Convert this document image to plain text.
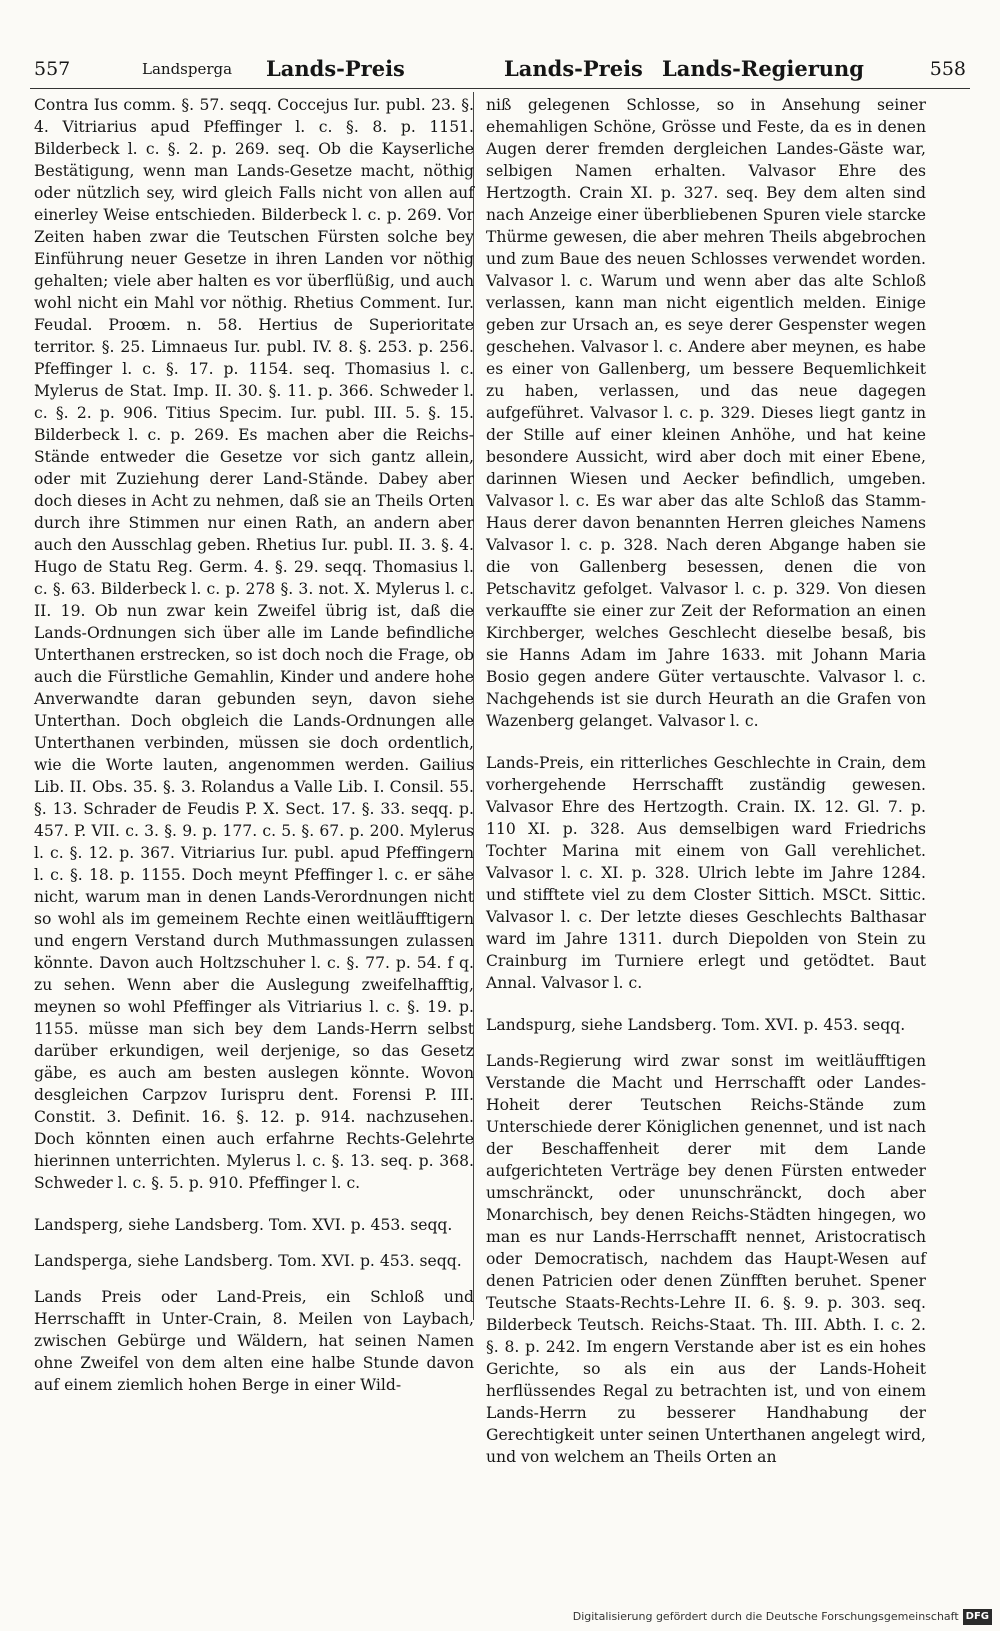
557	Landsperga Lands-Preis	Lands-Preis Lands-Regierung	558

Contra Ius comm. §. 57. seqq. Coccejus Iur. publ. 23. §. 4. Vitriarius apud Pfeffinger l. c. §. 8. p. 1151. Bilderbeck l. c. §. 2. p. 269. seq. Ob die Kayserliche Bestätigung, wenn man Lands-Gesetze macht, nöthig oder nützlich sey, wird gleich Falls nicht von allen auf einerley Weise entschieden. Bilderbeck l. c. p. 269. Vor Zeiten haben zwar die Teutschen Fürsten solche bey Einführung neuer Gesetze in ihren Landen vor nöthig gehalten; viele aber halten es vor überflüßig, und auch wohl nicht ein Mahl vor nöthig. Rhetius Comment. Iur. Feudal. Proœm. n. 58. Hertius de Superioritate territor. §. 25. Limnaeus Iur. publ. IV. 8. §. 253. p. 256. Pfeffinger l. c. §. 17. p. 1154. seq. Thomasius l. c. Mylerus de Stat. Imp. II. 30. §. 11. p. 366. Schweder l. c. §. 2. p. 906. Titius Specim. Iur. publ. III. 5. §. 15. Bilderbeck l. c. p. 269. Es machen aber die Reichs-Stände entweder die Gesetze vor sich gantz allein, oder mit Zuziehung derer Land-Stände. Dabey aber doch dieses in Acht zu nehmen, daß sie an Theils Orten durch ihre Stimmen nur einen Rath, an andern aber auch den Ausschlag geben. Rhetius Iur. publ. II. 3. §. 4. Hugo de Statu Reg. Germ. 4. §. 29. seqq. Thomasius l. c. §. 63. Bilderbeck l. c. p. 278 §. 3. not. X. Mylerus l. c. II. 19. Ob nun zwar kein Zweifel übrig ist, daß die Lands-Ordnungen sich über alle im Lande befindliche Unterthanen erstrecken, so ist doch noch die Frage, ob auch die Fürstliche Gemahlin, Kinder und andere hohe Anverwandte daran gebunden seyn, davon siehe Unterthan. Doch obgleich die Lands-Ordnungen alle Unterthanen verbinden, müssen sie doch ordentlich, wie die Worte lauten, angenommen werden. Gailius Lib. II. Obs. 35. §. 3. Rolandus a Valle Lib. I. Consil. 55. §. 13. Schrader de Feudis P. X. Sect. 17. §. 33. seqq. p. 457. P. VII. c. 3. §. 9. p. 177. c. 5. §. 67. p. 200. Mylerus l. c. §. 12. p. 367. Vitriarius Iur. publ. apud Pfeffingern l. c. §. 18. p. 1155. Doch meynt Pfeffinger l. c. er sähe nicht, warum man in denen Lands-Verordnungen nicht so wohl als im gemeinem Rechte einen weitläufftigern und engern Verstand durch Muthmassungen zulassen könnte. Davon auch Holtzschuher l. c. §. 77. p. 54. f q. zu sehen. Wenn aber die Auslegung zweifelhafftig, meynen so wohl Pfeffinger als Vitriarius l. c. §. 19. p. 1155. müsse man sich bey dem Lands-Herrn selbst darüber erkundigen, weil derjenige, so das Gesetz gäbe, es auch am besten auslegen könnte. Wovon desgleichen Carpzov Iurispru dent. Forensi P. III. Constit. 3. Definit. 16. §. 12. p. 914. nachzusehen. Doch könnten einen auch erfahrne Rechts-Gelehrte hierinnen unterrichten. Mylerus l. c. §. 13. seq. p. 368. Schweder l. c. §. 5. p. 910. Pfeffinger l. c.

Landsperg, siehe Landsberg. Tom. XVI. p. 453. seqq.

Landsperga, siehe Landsberg. Tom. XVI. p. 453. seqq.

Lands Preis oder Land-Preis, ein Schloß und Herrschafft in Unter-Crain, 8. Meilen von Laybach, zwischen Gebürge und Wäldern, hat seinen Namen ohne Zweifel von dem alten eine halbe Stunde davon auf einem ziemlich hohen Berge in einer Wild-

niß gelegenen Schlosse, so in Ansehung seiner ehemahligen Schöne, Grösse und Feste, da es in denen Augen derer fremden dergleichen Landes-Gäste war, selbigen Namen erhalten. Valvasor Ehre des Hertzogth. Crain XI. p. 327. seq. Bey dem alten sind nach Anzeige einer überbliebenen Spuren viele starcke Thürme gewesen, die aber mehren Theils abgebrochen und zum Baue des neuen Schlosses verwendet worden. Valvasor l. c. Warum und wenn aber das alte Schloß verlassen, kann man nicht eigentlich melden. Einige geben zur Ursach an, es seye derer Gespenster wegen geschehen. Valvasor l. c. Andere aber meynen, es habe es einer von Gallenberg, um bessere Bequemlichkeit zu haben, verlassen, und das neue dagegen aufgeführet. Valvasor l. c. p. 329. Dieses liegt gantz in der Stille auf einer kleinen Anhöhe, und hat keine besondere Aussicht, wird aber doch mit einer Ebene, darinnen Wiesen und Aecker befindlich, umgeben. Valvasor l. c. Es war aber das alte Schloß das Stamm-Haus derer davon benannten Herren gleiches Namens Valvasor l. c. p. 328. Nach deren Abgange haben sie die von Gallenberg besessen, denen die von Petschavitz gefolget. Valvasor l. c. p. 329. Von diesen verkauffte sie einer zur Zeit der Reformation an einen Kirchberger, welches Geschlecht dieselbe besaß, bis sie Hanns Adam im Jahre 1633. mit Johann Maria Bosio gegen andere Güter vertauschte. Valvasor l. c. Nachgehends ist sie durch Heurath an die Grafen von Wazenberg gelanget. Valvasor l. c.

Lands-Preis, ein ritterliches Geschlechte in Crain, dem vorhergehende Herrschafft zuständig gewesen. Valvasor Ehre des Hertzogth. Crain. IX. 12. Gl. 7. p. 110 XI. p. 328. Aus demselbigen ward Friedrichs Tochter Marina mit einem von Gall verehlichet. Valvasor l. c. XI. p. 328. Ulrich lebte im Jahre 1284. und stifftete viel zu dem Closter Sittich. MSCt. Sittic. Valvasor l. c. Der letzte dieses Geschlechts Balthasar ward im Jahre 1311. durch Diepolden von Stein zu Crainburg im Turniere erlegt und getödtet. Baut Annal. Valvasor l. c.

Landspurg, siehe Landsberg. Tom. XVI. p. 453. seqq.

Lands-Regierung wird zwar sonst im weitläufftigen Verstande die Macht und Herrschafft oder Landes-Hoheit derer Teutschen Reichs-Stände zum Unterschiede derer Königlichen genennet, und ist nach der Beschaffenheit derer mit dem Lande aufgerichteten Verträge bey denen Fürsten entweder umschränckt, oder ununschränckt, doch aber Monarchisch, bey denen Reichs-Städten hingegen, wo man es nur Lands-Herrschafft nennet, Aristocratisch oder Democratisch, nachdem das Haupt-Wesen auf denen Patricien oder denen Zünfften beruhet. Spener Teutsche Staats-Rechts-Lehre II. 6. §. 9. p. 303. seq. Bilderbeck Teutsch. Reichs-Staat. Th. III. Abth. I. c. 2. §. 8. p. 242. Im engern Verstande aber ist es ein hohes Gerichte, so als ein aus der Lands-Hoheit herflüssendes Regal zu betrachten ist, und von einem Lands-Herrn zu besserer Handhabung der Gerechtigkeit unter seinen Unterthanen angelegt wird, und von welchem an Theils Orten an

Digitalisierung gefördert durch die Deutsche Forschungsgemeinschaft DFG
